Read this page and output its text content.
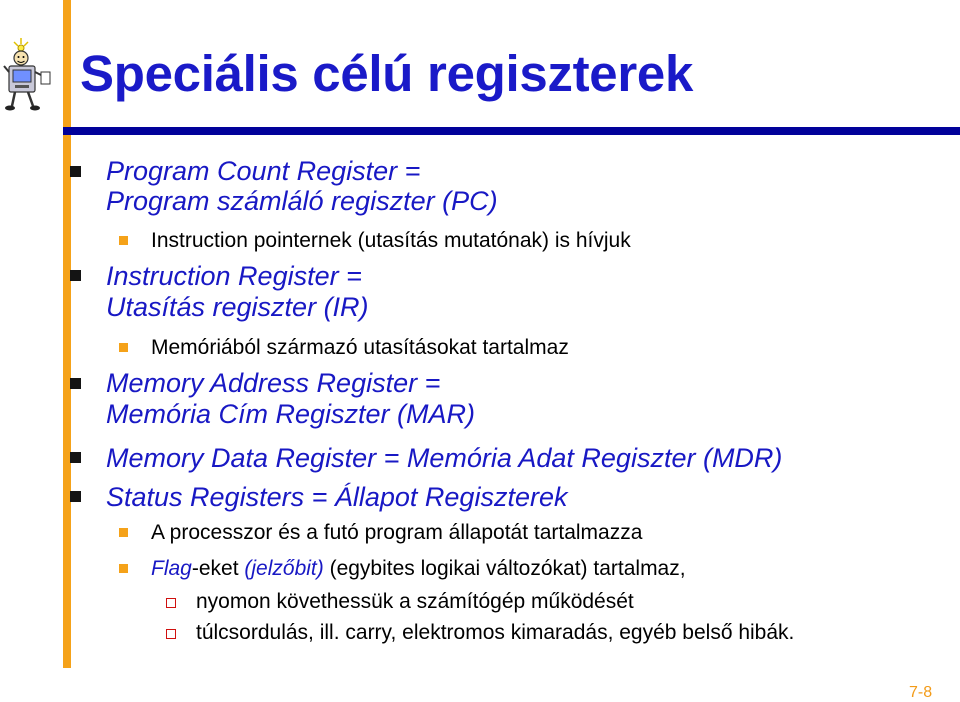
Speciális célú regiszterek
Program Count Register =
Program számláló regiszter (PC)
Instruction pointernek (utasítás mutatónak) is hívjuk
Instruction Register =
Utasítás regiszter (IR)
Memóriából származó utasításokat tartalmaz
Memory Address Register =
Memória Cím Regiszter (MAR)
Memory Data Register = Memória Adat Regiszter (MDR)
Status Registers = Állapot Regiszterek
A processzor és a futó program állapotát tartalmazza
Flag-eket (jelzőbit) (egybites logikai változókat) tartalmaz,
nyomon követhessük a számítógép működését
túlcsordulás, ill. carry, elektromos kimaradás, egyéb belső hibák.
7-8
